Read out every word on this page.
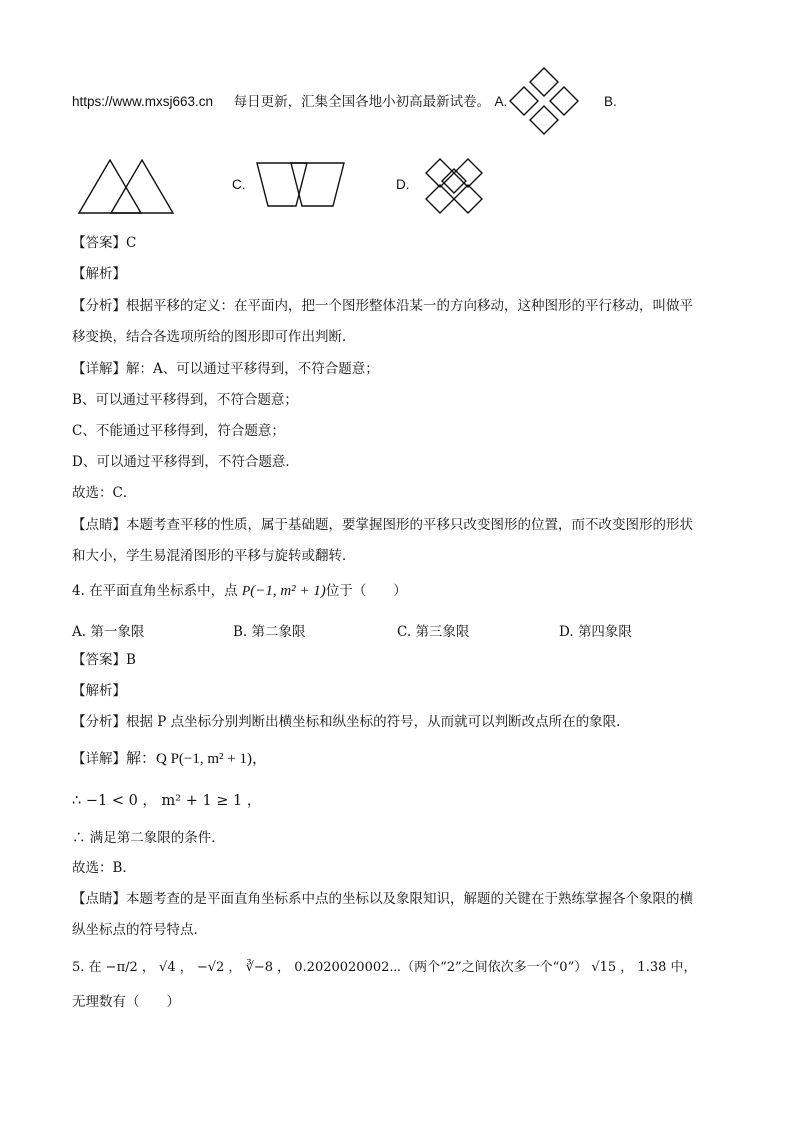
https://www.mxsj663.cn 每日更新，汇集全国各地小初高最新试卷。 A.	B.
C.	D.
【答案】C
【解析】
【分析】根据平移的定义：在平面内，把一个图形整体沿某一的方向移动，这种图形的平行移动，叫做平
移变换，结合各选项所给的图形即可作出判断．
【详解】解：A、可以通过平移得到，不符合题意；
B、可以通过平移得到，不符合题意；
C、不能通过平移得到，符合题意；
D、可以通过平移得到，不符合题意．
故选：C．
【点睛】本题考查平移的性质，属于基础题，要掌握图形的平移只改变图形的位置，而不改变图形的形状
和大小，学生易混淆图形的平移与旋转或翻转．
4. 在平面直角坐标系中，点 P(−1, m² + 1)位于（　　）
A. 第一象限	B. 第二象限	C. 第三象限	D. 第四象限
【答案】B
【解析】
【分析】根据 P 点坐标分别判断出横坐标和纵坐标的符号，从而就可以判断改点所在的象限．
【详解】解：Q P(−1, m² + 1)，
∴ −1 < 0 ， m² + 1 ≥ 1 ，
∴ 满足第二象限的条件．
故选：B．
【点睛】本题考查的是平面直角坐标系中点的坐标以及象限知识，解题的关键在于熟练掌握各个象限的横
纵坐标点的符号特点．
5. 在 −π/2 ， √4 ， −√2 ， ∛−8 ， 0.2020020002⋯（两个“2”之间依次多一个“0”） √15 ， 1.3̇8̇ 中，
无理数有（　　）
